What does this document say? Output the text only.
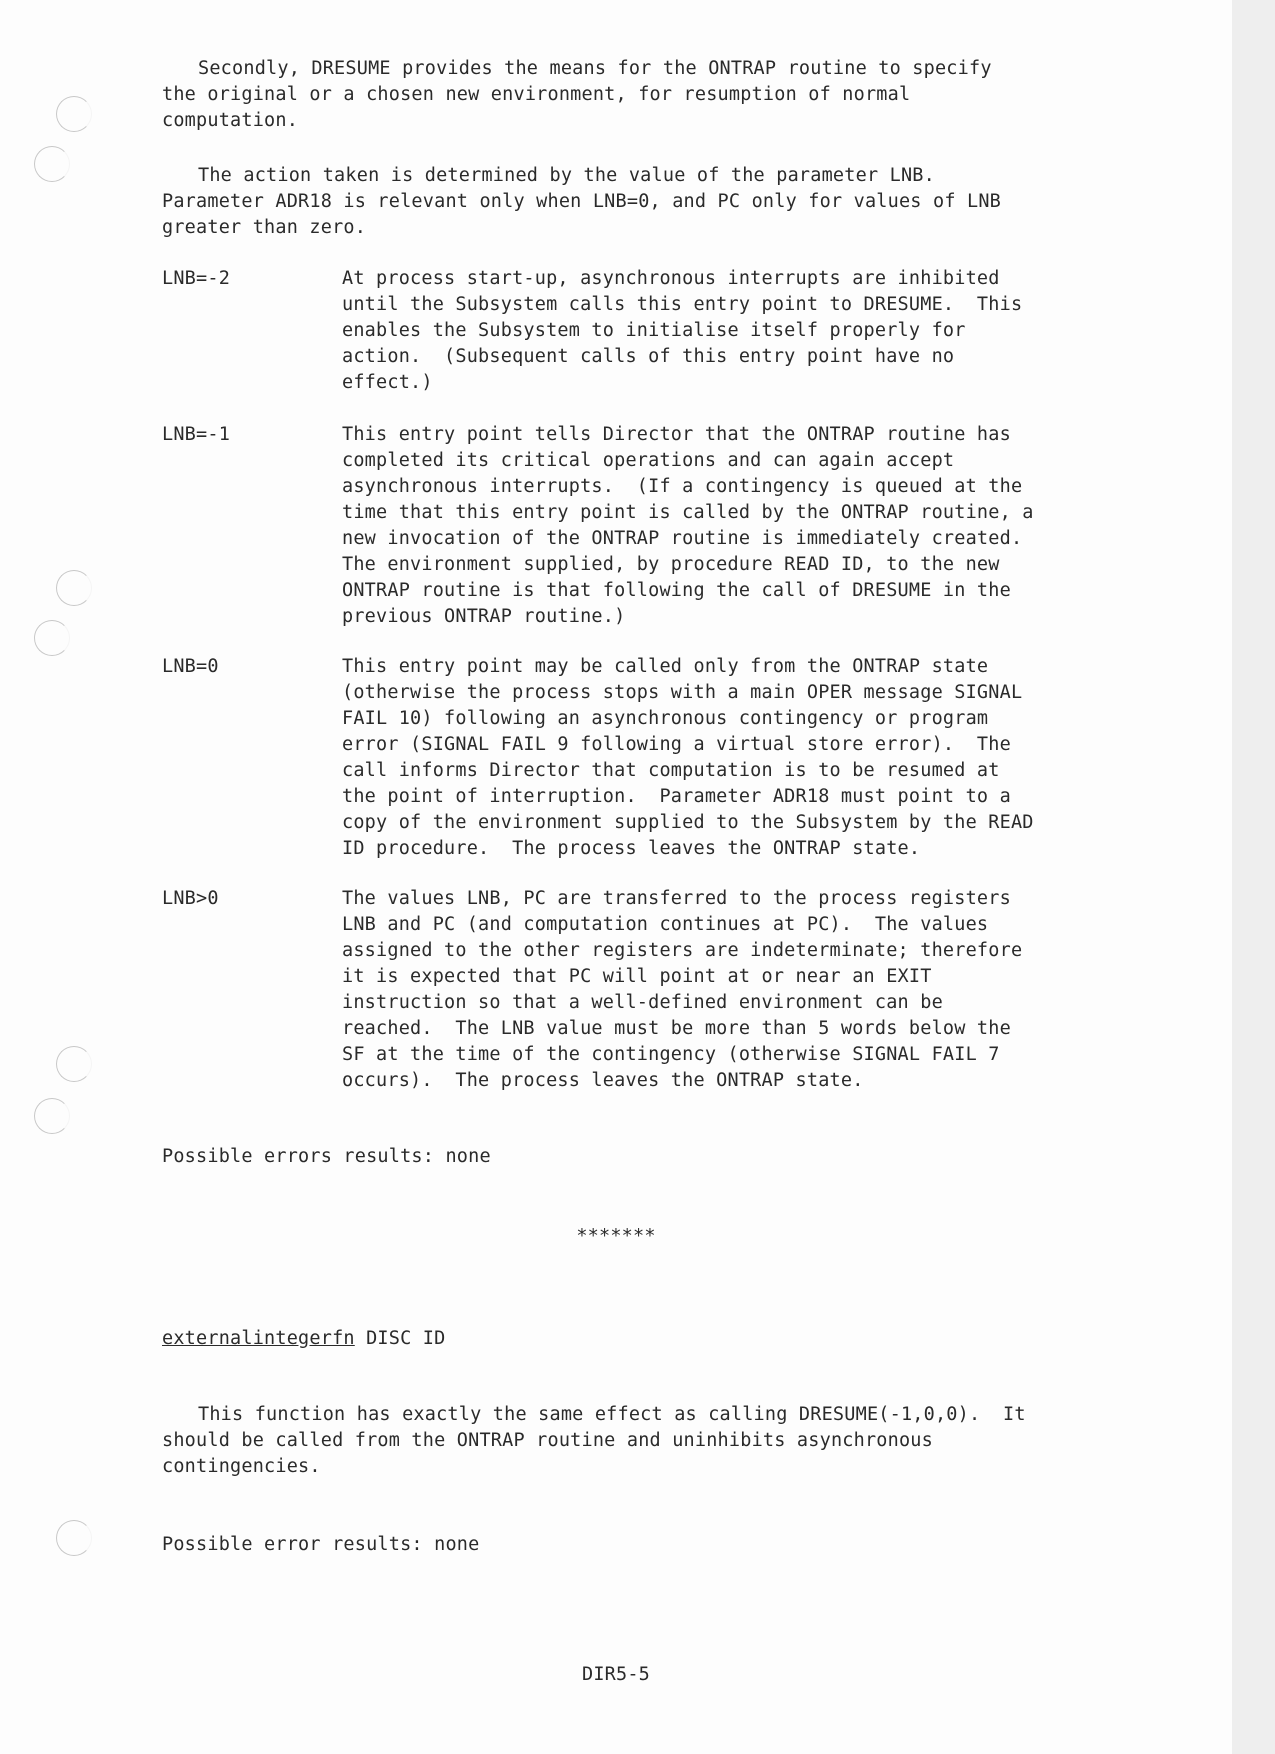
Secondly, DRESUME provides the means for the ONTRAP routine to specify
the original or a chosen new environment, for resumption of normal
computation.
The action taken is determined by the value of the parameter LNB.
Parameter ADR18 is relevant only when LNB=0, and PC only for values of LNB
greater than zero.
LNB=-2	At process start-up, asynchronous interrupts are inhibited
until the Subsystem calls this entry point to DRESUME.  This
enables the Subsystem to initialise itself properly for
action.  (Subsequent calls of this entry point have no
effect.)
LNB=-1	This entry point tells Director that the ONTRAP routine has
completed its critical operations and can again accept
asynchronous interrupts.  (If a contingency is queued at the
time that this entry point is called by the ONTRAP routine, a
new invocation of the ONTRAP routine is immediately created.
The environment supplied, by procedure READ ID, to the new
ONTRAP routine is that following the call of DRESUME in the
previous ONTRAP routine.)
LNB=0	This entry point may be called only from the ONTRAP state
(otherwise the process stops with a main OPER message SIGNAL
FAIL 10) following an asynchronous contingency or program
error (SIGNAL FAIL 9 following a virtual store error).  The
call informs Director that computation is to be resumed at
the point of interruption.  Parameter ADR18 must point to a
copy of the environment supplied to the Subsystem by the READ
ID procedure.  The process leaves the ONTRAP state.
LNB>0	The values LNB, PC are transferred to the process registers
LNB and PC (and computation continues at PC).  The values
assigned to the other registers are indeterminate; therefore
it is expected that PC will point at or near an EXIT
instruction so that a well-defined environment can be
reached.  The LNB value must be more than 5 words below the
SF at the time of the contingency (otherwise SIGNAL FAIL 7
occurs).  The process leaves the ONTRAP state.
Possible errors results: none
*******
externalintegerfn DISC ID
This function has exactly the same effect as calling DRESUME(-1,0,0).  It
should be called from the ONTRAP routine and uninhibits asynchronous
contingencies.
Possible error results: none
DIR5-5
